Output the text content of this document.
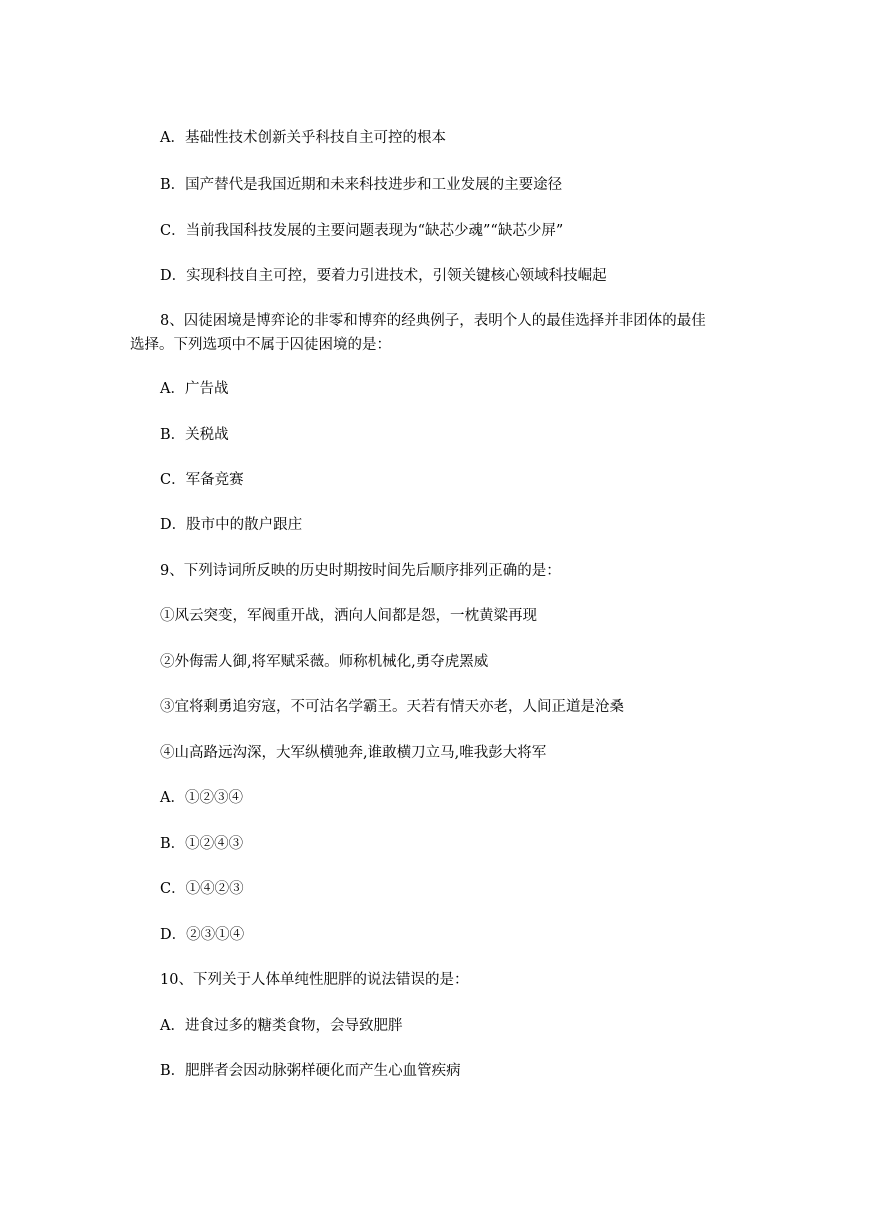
A．基础性技术创新关乎科技自主可控的根本
B．国产替代是我国近期和未来科技进步和工业发展的主要途径
C．当前我国科技发展的主要问题表现为“缺芯少魂”“缺芯少屏”
D．实现科技自主可控，要着力引进技术，引领关键核心领域科技崛起
8、囚徒困境是博弈论的非零和博弈的经典例子，表明个人的最佳选择并非团体的最佳
选择。下列选项中不属于囚徒困境的是：
A．广告战
B．关税战
C．军备竞赛
D．股市中的散户跟庄
9、下列诗词所反映的历史时期按时间先后顺序排列正确的是：
①风云突变，军阀重开战，洒向人间都是怨，一枕黄粱再现
②外侮需人御,将军赋采薇。师称机械化,勇夺虎罴威
③宜将剩勇追穷寇，不可沽名学霸王。天若有情天亦老，人间正道是沧桑
④山高路远沟深，大军纵横驰奔,谁敢横刀立马,唯我彭大将军
A．①②③④
B．①②④③
C．①④②③
D．②③①④
10、下列关于人体单纯性肥胖的说法错误的是：
A．进食过多的糖类食物，会导致肥胖
B．肥胖者会因动脉粥样硬化而产生心血管疾病
